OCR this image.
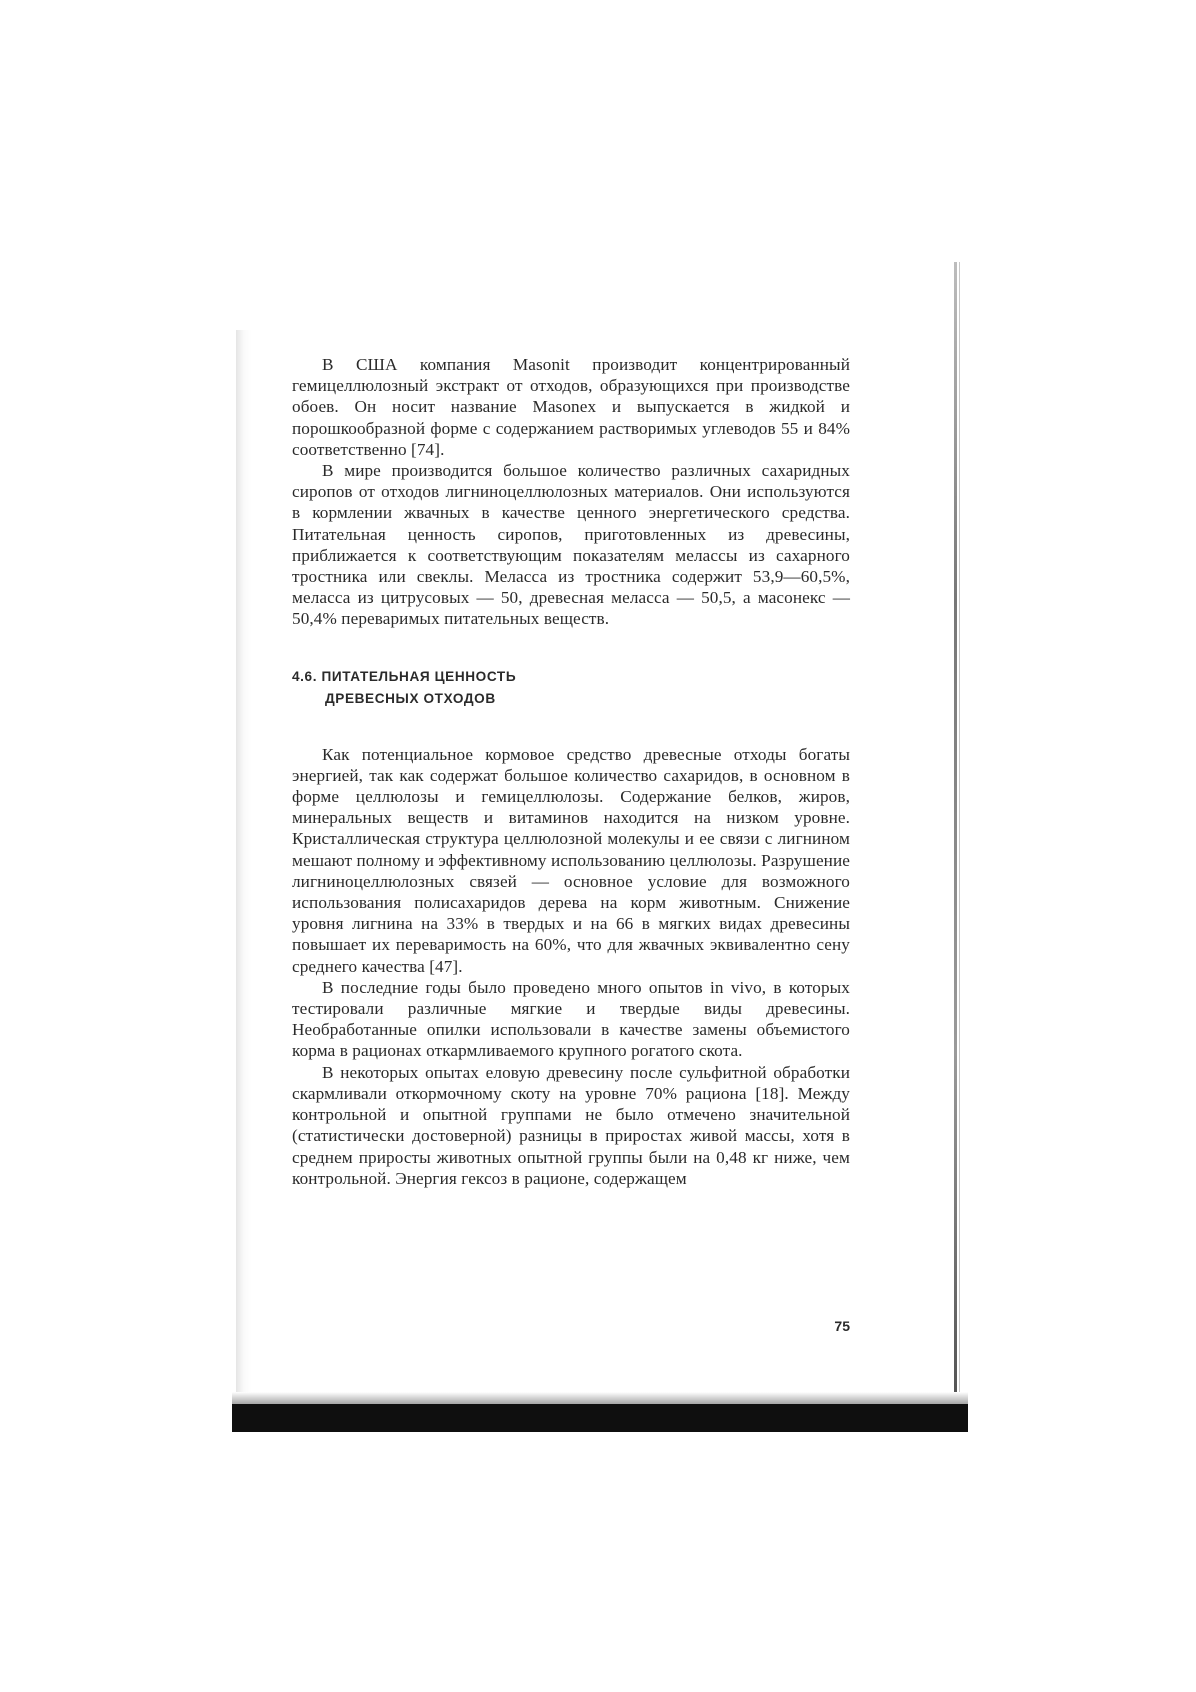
В США компания Masonit производит концентрированный гемицеллюлозный экстракт от отходов, образующихся при производстве обоев. Он носит название Masonex и выпускается в жидкой и порошкообразной форме с содержанием растворимых углеводов 55 и 84% соответственно [74].

В мире производится большое количество различных сахаридных сиропов от отходов лигниноцеллюлозных материалов. Они используются в кормлении жвачных в качестве ценного энергетического средства. Питательная ценность сиропов, приготовленных из древесины, приближается к соответствующим показателям мелассы из сахарного тростника или свеклы. Меласса из тростника содержит 53,9—60,5%, меласса из цитрусовых — 50, древесная меласса — 50,5, а масонекс — 50,4% переваримых питательных веществ.

4.6. ПИТАТЕЛЬНАЯ ЦЕННОСТЬ
ДРЕВЕСНЫХ ОТХОДОВ

Как потенциальное кормовое средство древесные отходы богаты энергией, так как содержат большое количество сахаридов, в основном в форме целлюлозы и гемицеллюлозы. Содержание белков, жиров, минеральных веществ и витаминов находится на низком уровне. Кристаллическая структура целлюлозной молекулы и ее связи с лигнином мешают полному и эффективному использованию целлюлозы. Разрушение лигниноцеллюлозных связей — основное условие для возможного использования полисахаридов дерева на корм животным. Снижение уровня лигнина на 33% в твердых и на 66 в мягких видах древесины повышает их переваримость на 60%, что для жвачных эквивалентно сену среднего качества [47].

В последние годы было проведено много опытов in vivo, в которых тестировали различные мягкие и твердые виды древесины. Необработанные опилки использовали в качестве замены объемистого корма в рационах откармливаемого крупного рогатого скота.

В некоторых опытах еловую древесину после сульфитной обработки скармливали откормочному скоту на уровне 70% рациона [18]. Между контрольной и опытной группами не было отмечено значительной (статистически достоверной) разницы в приростах живой массы, хотя в среднем приросты животных опытной группы были на 0,48 кг ниже, чем контрольной. Энергия гексоз в рационе, содержащем

75
